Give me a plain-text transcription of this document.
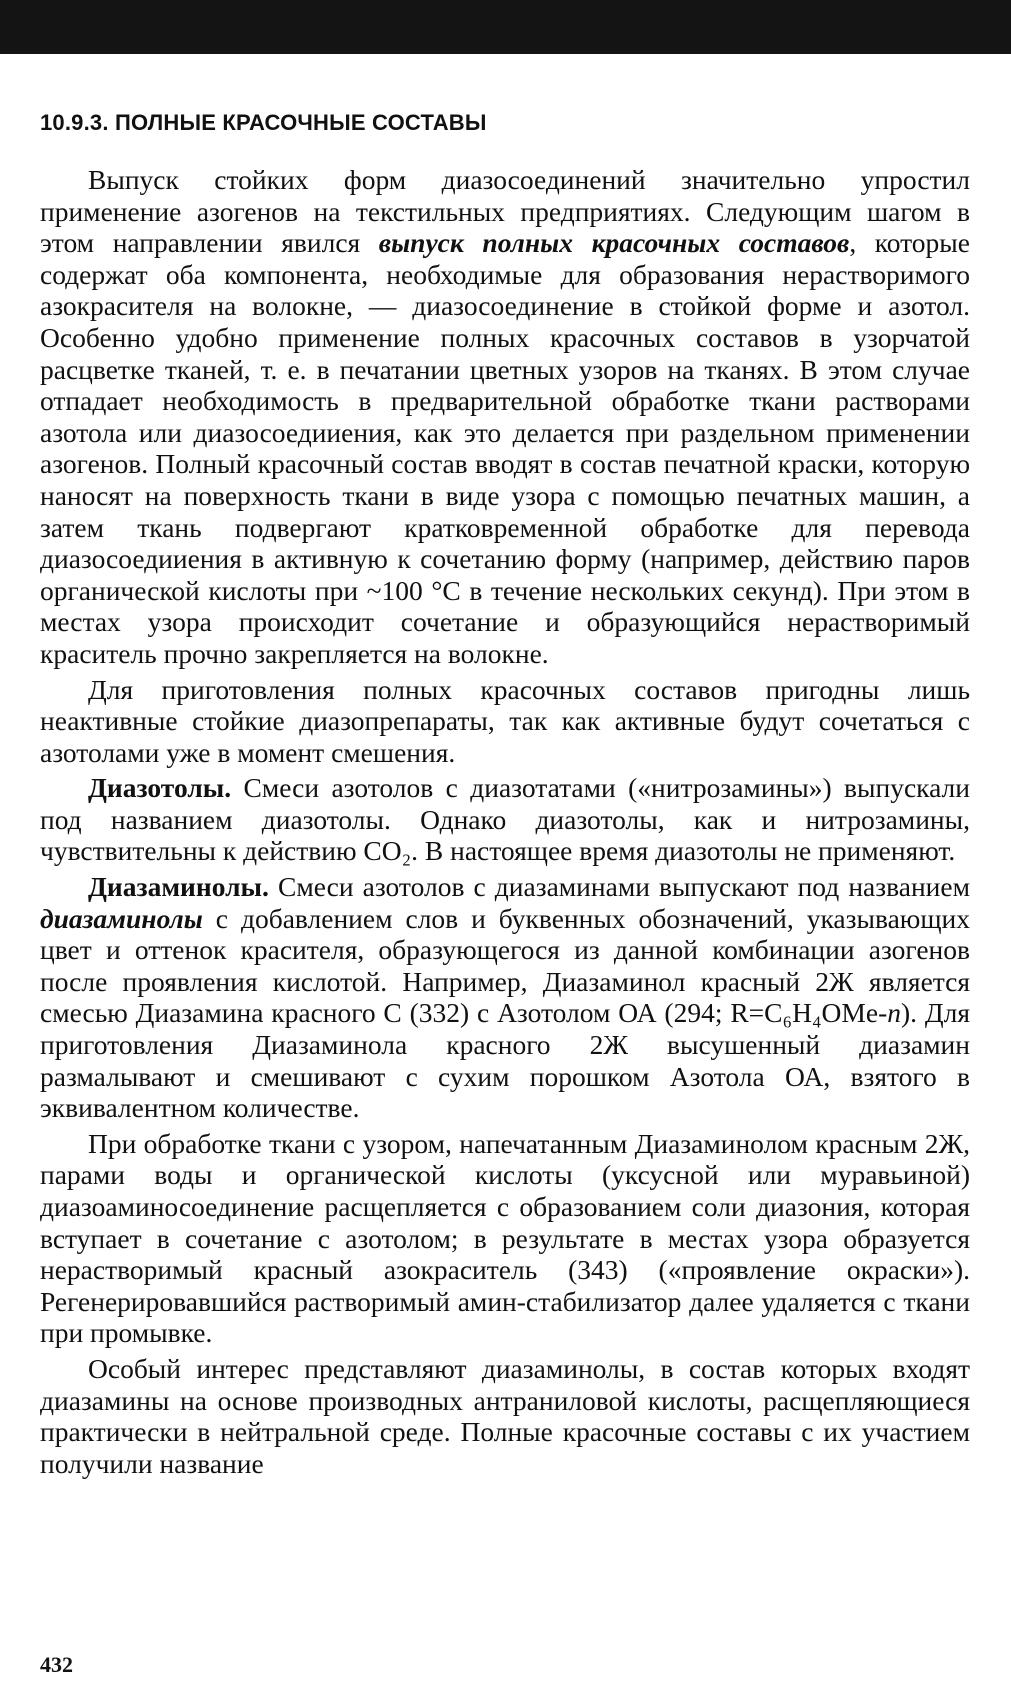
10.9.3. ПОЛНЫЕ КРАСОЧНЫЕ СОСТАВЫ

Выпуск стойких форм диазосоединений значительно упростил применение азогенов на текстильных предприятиях. Следующим шагом в этом направлении явился выпуск полных красочных составов, которые содержат оба компонента, необходимые для образования нерастворимого азокрасителя на волокне, — диазосоединение в стойкой форме и азотол. Особенно удобно применение полных красочных составов в узорчатой расцветке тканей, т. е. в печатании цветных узоров на тканях. В этом случае отпадает необходимость в предварительной обработке ткани растворами азотола или диазосоедииения, как это делается при раздельном применении азогенов. Полный красочный состав вводят в состав печатной краски, которую наносят на поверхность ткани в виде узора с помощью печатных машин, а затем ткань подвергают кратковременной обработке для перевода диазосоедииения в активную к сочетанию форму (например, действию паров органической кислоты при ~100 °С в течение нескольких секунд). При этом в местах узора происходит сочетание и образующийся нерастворимый краситель прочно закрепляется на волокне.

Для приготовления полных красочных составов пригодны лишь неактивные стойкие диазопрепараты, так как активные будут сочетаться с азотолами уже в момент смешения.

Диазотолы. Смеси азотолов с диазотатами («нитрозамины») выпускали под названием диазотолы. Однако диазотолы, как и нитрозамины, чувствительны к действию СО₂. В настоящее время диазотолы не применяют.

Диазаминолы. Смеси азотолов с диазаминами выпускают под названием диазаминолы с добавлением слов и буквенных обозначений, указывающих цвет и оттенок красителя, образующегося из данной комбинации азогенов после проявления кислотой. Например, Диазаминол красный 2Ж является смесью Диазамина красного С (332) с Азотолом ОА (294; R=C₆H₄OMe-п). Для приготовления Диазаминола красного 2Ж высушенный диазамин размалывают и смешивают с сухим порошком Азотола ОА, взятого в эквивалентном количестве.

При обработке ткани с узором, напечатанным Диазаминолом красным 2Ж, парами воды и органической кислоты (уксусной или муравьиной) диазоаминосоединение расщепляется с образованием соли диазония, которая вступает в сочетание с азотолом; в результате в местах узора образуется нерастворимый красный азокраситель (343) («проявление окраски»). Регенерировавшийся растворимый амин-стабилизатор далее удаляется с ткани при промывке.

Особый интерес представляют диазаминолы, в состав которых входят диазамины на основе производных антраниловой кислоты, расщепляющиеся практически в нейтральной среде. Полные красочные составы с их участием получили название

432
